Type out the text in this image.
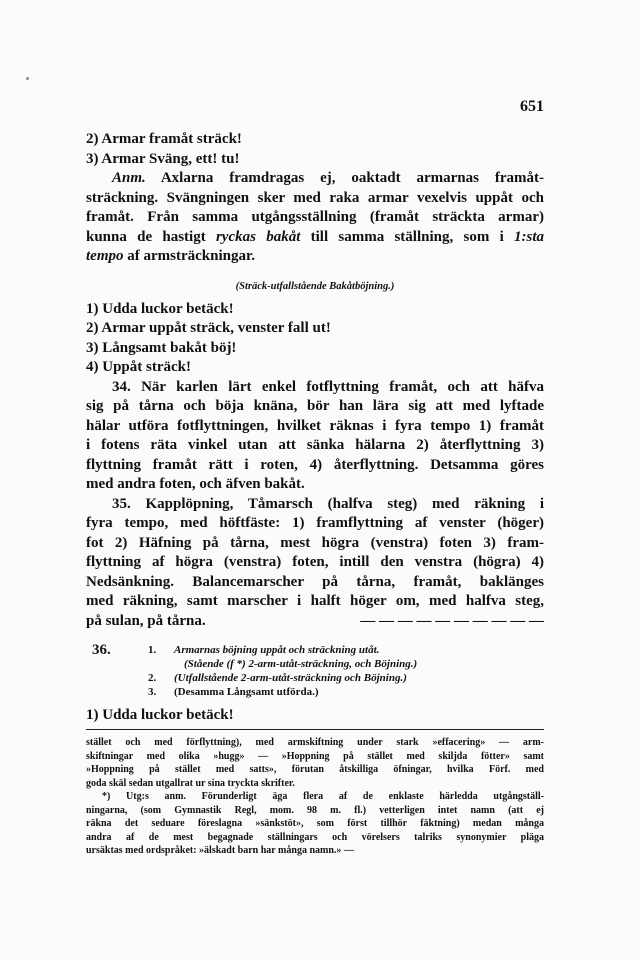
651
2) Armar framåt sträck!
3) Armar Sväng, ett! tu!
Anm. Axlarna framdragas ej, oaktadt armarnas framåt-
sträckning. Svängningen sker med raka armar vexelvis uppåt och
framåt. Från samma utgångsställning (framåt sträckta armar)
kunna de hastigt ryckas bakåt till samma ställning, som i 1:sta
tempo af armsträckningar.
(Sträck-utfallstående Bakåtböjning.)
1) Udda luckor betäck!
2) Armar uppåt sträck, venster fall ut!
3) Långsamt bakåt böj!
4) Uppåt sträck!
34. När karlen lärt enkel fotflyttning framåt, och att häfva
sig på tårna och böja knäna, bör han lära sig att med lyftade
hälar utföra fotflyttningen, hvilket räknas i fyra tempo 1) framåt
i fotens räta vinkel utan att sänka hälarna 2) återflyttning 3)
flyttning framåt rätt i roten, 4) återflyttning. Detsamma göres
med andra foten, och äfven bakåt.
35. Kapplöpning, Tåmarsch (halfva steg) med räkning i
fyra tempo, med höftfäste: 1) framflyttning af venster (höger)
fot 2) Häfning på tårna, mest högra (venstra) foten 3) fram-
flyttning af högra (venstra) foten, intill den venstra (högra) 4)
Nedsänkning. Balancemarscher på tårna, framåt, baklänges
med räkning, samt marscher i halft höger om, med halfva steg,
på sulan, på tårna.	— — — — — — — — — —
36.	1.	Armarnas böjning uppåt och sträckning utåt.
(Stående (f *) 2-arm-utåt-sträckning, och Böjning.)
2.	(Utfallstående 2-arm-utåt-sträckning och Böjning.)
3.	(Desamma Långsamt utförda.)
1) Udda luckor betäck!
stället och med förflyttning), med armskiftning under stark »effacering» — arm-
skiftningar med olika »hugg» — »Hoppning på stället med skiljda fötter» samt
»Hoppning på stället med satts», förutan åtskilliga öfningar, hvilka Förf. med
goda skäl sedan utgallrat ur sina tryckta skrifter.
*) Utg:s anm. Förunderligt äga flera af de enklaste härledda utgångställ-
ningarna, (som Gymnastik Regl, mom. 98 m. fl.) vetterligen intet namn (att ej
räkna det seduare föreslagna »sänkstöt», som först tillhör fäktning) medan många
andra af de mest begagnade ställningars och vörelsers talriks synonymier pläga
ursäktas med ordspråket: »älskadt barn har många namn.» —
